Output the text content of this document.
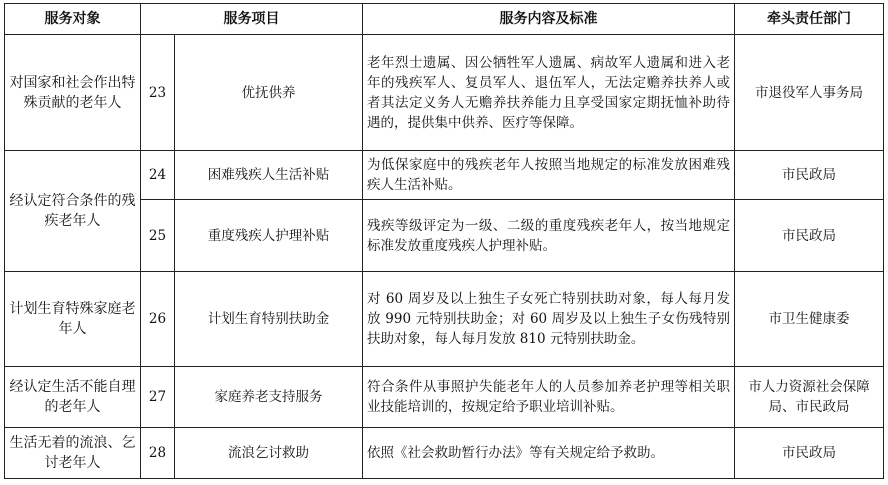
服务对象	服务项目		服务内容及标准	牵头责任部门
对国家和社会作出特殊贡献的老年人	23	优抚供养	老年烈士遗属、因公牺牲军人遗属、病故军人遗属和进入老年的残疾军人、复员军人、退伍军人，无法定赡养扶养人或者其法定义务人无赡养扶养能力且享受国家定期抚恤补助待遇的，提供集中供养、医疗等保障。	市退役军人事务局
经认定符合条件的残疾老年人	24	困难残疾人生活补贴	为低保家庭中的残疾老年人按照当地规定的标准发放困难残疾人生活补贴。	市民政局
	25	重度残疾人护理补贴	残疾等级评定为一级、二级的重度残疾老年人，按当地规定标准发放重度残疾人护理补贴。	市民政局
计划生育特殊家庭老年人	26	计划生育特别扶助金	对 60 周岁及以上独生子女死亡特别扶助对象，每人每月发放 990 元特别扶助金；对 60 周岁及以上独生子女伤残特别扶助对象，每人每月发放 810 元特别扶助金。	市卫生健康委
经认定生活不能自理的老年人	27	家庭养老支持服务	符合条件从事照护失能老年人的人员参加养老护理等相关职业技能培训的，按规定给予职业培训补贴。	市人力资源社会保障局、市民政局
生活无着的流浪、乞讨老年人	28	流浪乞讨救助	依照《社会救助暂行办法》等有关规定给予救助。	市民政局
